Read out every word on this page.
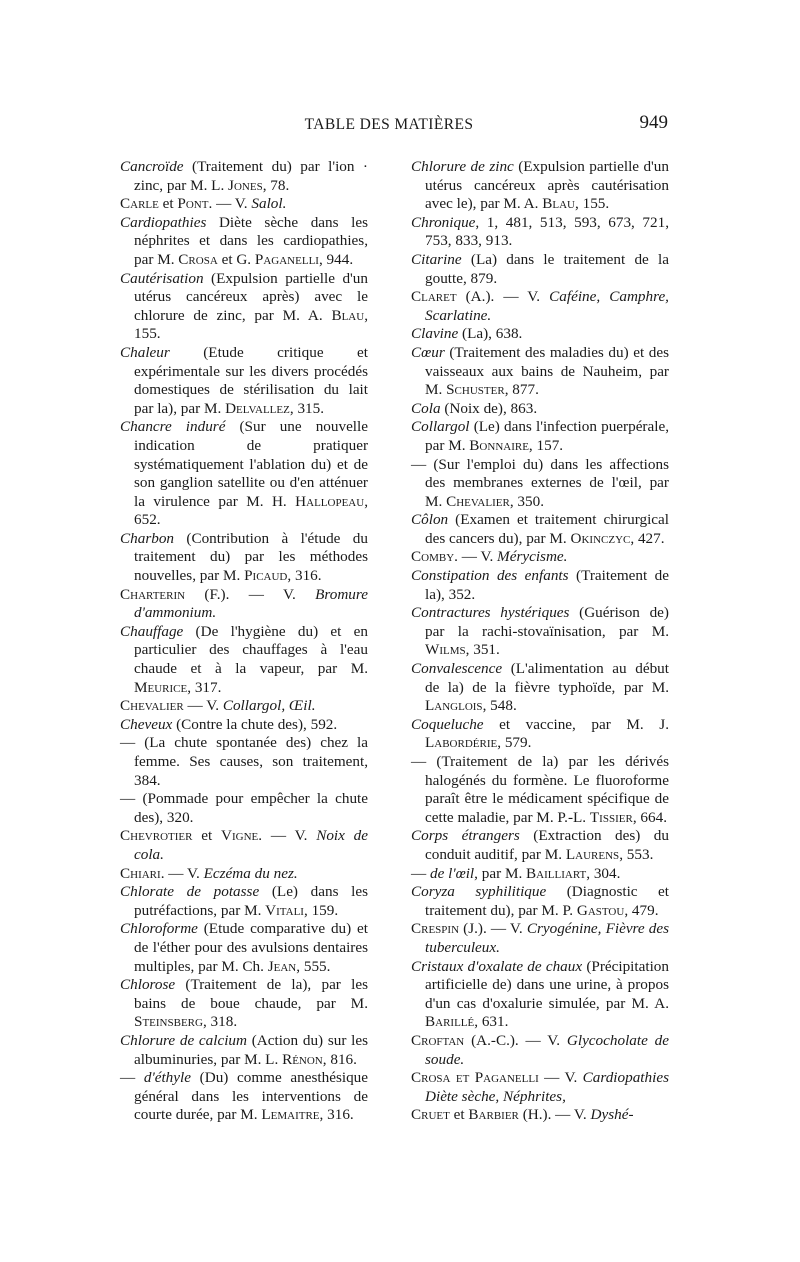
TABLE DES MATIÈRES	949

Cancroïde (Traitement du) par l'ion · zinc, par M. L. Jones, 78.

Carle et Pont. — V. Salol.

Cardiopathies Diète sèche dans les néphrites et dans les cardiopathies, par M. Crosa et G. Paganelli, 944.

Cautérisation (Expulsion partielle d'un utérus cancéreux après) avec le chlorure de zinc, par M. A. Blau, 155.

Chaleur (Etude critique et expérimentale sur les divers procédés domestiques de stérilisation du lait par la), par M. Delvallez, 315.

Chancre induré (Sur une nouvelle indication de pratiquer systématiquement l'ablation du) et de son ganglion satellite ou d'en atténuer la virulence par M. H. Hallopeau, 652.

Charbon (Contribution à l'étude du traitement du) par les méthodes nouvelles, par M. Picaud, 316.

Charterin (F.). — V. Bromure d'ammonium.

Chauffage (De l'hygiène du) et en particulier des chauffages à l'eau chaude et à la vapeur, par M. Meurice, 317.

Chevalier — V. Collargol, Œil.

Cheveux (Contre la chute des), 592.

— (La chute spontanée des) chez la femme. Ses causes, son traitement, 384.

— (Pommade pour empêcher la chute des), 320.

Chevrotier et Vigne. — V. Noix de cola.

Chiari. — V. Eczéma du nez.

Chlorate de potasse (Le) dans les putréfactions, par M. Vitali, 159.

Chloroforme (Etude comparative du) et de l'éther pour des avulsions dentaires multiples, par M. Ch. Jean, 555.

Chlorose (Traitement de la), par les bains de boue chaude, par M. Steinsberg, 318.

Chlorure de calcium (Action du) sur les albuminuries, par M. L. Rénon, 816.

— d'éthyle (Du) comme anesthésique général dans les interventions de courte durée, par M. Lemaitre, 316.

Chlorure de zinc (Expulsion partielle d'un utérus cancéreux après cautérisation avec le), par M. A. Blau, 155.

Chronique, 1, 481, 513, 593, 673, 721, 753, 833, 913.

Citarine (La) dans le traitement de la goutte, 879.

Claret (A.). — V. Caféine, Camphre, Scarlatine.

Clavine (La), 638.

Cœur (Traitement des maladies du) et des vaisseaux aux bains de Nauheim, par M. Schuster, 877.

Cola (Noix de), 863.

Collargol (Le) dans l'infection puerpérale, par M. Bonnaire, 157.

— (Sur l'emploi du) dans les affections des membranes externes de l'œil, par M. Chevalier, 350.

Côlon (Examen et traitement chirurgical des cancers du), par M. Okinczyc, 427.

Comby. — V. Mérycisme.

Constipation des enfants (Traitement de la), 352.

Contractures hystériques (Guérison de) par la rachi-stovaïnisation, par M. Wilms, 351.

Convalescence (L'alimentation au début de la) de la fièvre typhoïde, par M. Langlois, 548.

Coqueluche et vaccine, par M. J. Labordérie, 579.

— (Traitement de la) par les dérivés halogénés du formène. Le fluoroforme paraît être le médicament spécifique de cette maladie, par M. P.-L. Tissier, 664.

Corps étrangers (Extraction des) du conduit auditif, par M. Laurens, 553.

— de l'œil, par M. Bailliart, 304.

Coryza syphilitique (Diagnostic et traitement du), par M. P. Gastou, 479.

Crespin (J.). — V. Cryogénine, Fièvre des tuberculeux.

Cristaux d'oxalate de chaux (Précipitation artificielle de) dans une urine, à propos d'un cas d'oxalurie simulée, par M. A. Barillé, 631.

Croftan (A.-C.). — V. Glycocholate de soude.

Crosa et Paganelli — V. Cardiopathies Diète sèche, Néphrites,

Cruet et Barbier (H.). — V. Dyshé-
